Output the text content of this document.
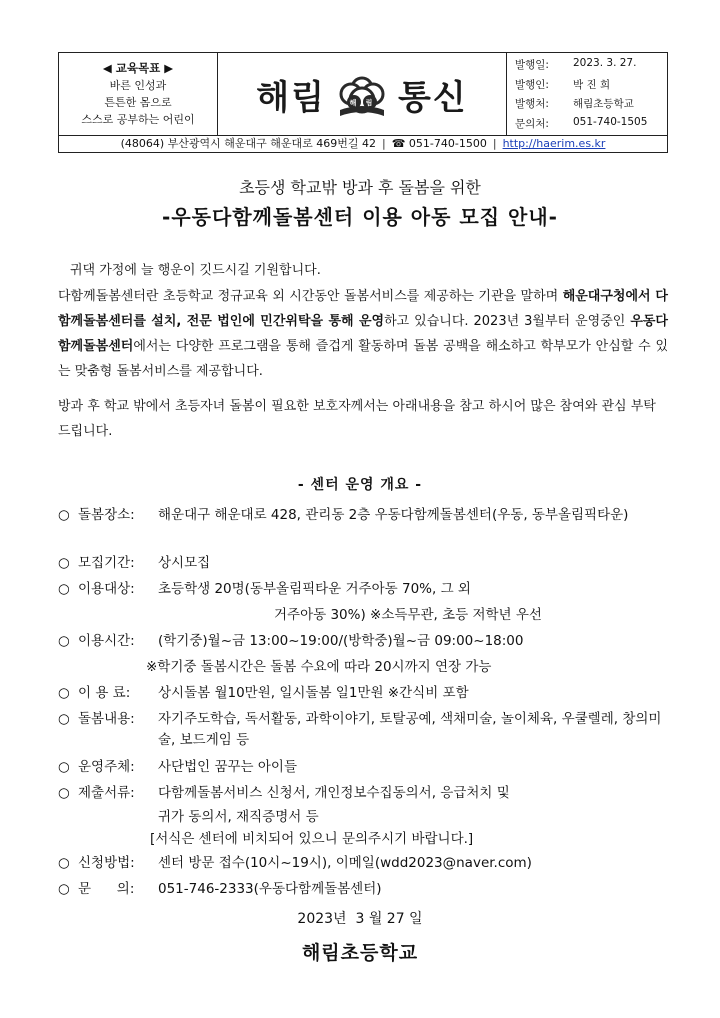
◀ 교육목표 ▶
바른 인성과
튼튼한 몸으로
스스로 공부하는 어린이
해림	해 림 통신
발행일:	2023. 3. 27.
발행인:	박 진 희
발행처:	해림초등학교
문의처:	051-740-1505
(48064) 부산광역시 해운대구 해운대로 469번길 42 | ☎ 051-740-1500 | http://haerim.es.kr
초등생 학교밖 방과 후 돌봄을 위한
-우동다함께돌봄센터 이용 아동 모집 안내-
귀댁 가정에 늘 행운이 깃드시길 기원합니다.
다함께돌봄센터란 초등학교 정규교육 외 시간동안 돌봄서비스를 제공하는 기관을 말하며 해운대구청에서 다함께돌봄센터를 설치, 전문 법인에 민간위탁을 통해 운영하고 있습니다. 2023년 3월부터 운영중인 우동다함께돌봄센터에서는 다양한 프로그램을 통해 즐겁게 활동하며 돌봄 공백을 해소하고 학부모가 안심할 수 있는 맞춤형 돌봄서비스를 제공합니다.
방과 후 학교 밖에서 초등자녀 돌봄이 필요한 보호자께서는 아래내용을 참고 하시어 많은 참여와 관심 부탁드립니다.
- 센터 운영 개요 -
○ 돌봄장소:	해운대구 해운대로 428, 관리동 2층 우동다함께돌봄센터(우동, 동부올림픽타운)
○ 모집기간:	상시모집
○ 이용대상:	초등학생 20명(동부올림픽타운 거주아동 70%, 그 외
거주아동 30%) ※소득무관, 초등 저학년 우선
○ 이용시간:	(학기중)월~금 13:00~19:00/(방학중)월~금 09:00~18:00
※학기중 돌봄시간은 돌봄 수요에 따라 20시까지 연장 가능
○ 이 용 료:	상시돌봄 월10만원, 일시돌봄 일1만원 ※간식비 포함
○ 돌봄내용:	자기주도학습, 독서활동, 과학이야기, 토탈공예, 색채미술, 놀이체육, 우쿨렐레, 창의미술, 보드게임 등
○ 운영주체:	사단법인 꿈꾸는 아이들
○ 제출서류:	다함께돌봄서비스 신청서, 개인정보수집동의서, 응급처치 및
귀가 동의서, 재직증명서 등
[서식은 센터에 비치되어 있으니 문의주시기 바랍니다.]
○ 신청방법:	센터 방문 접수(10시~19시), 이메일(wdd2023@naver.com)
○ 문      의:	051-746-2333(우동다함께돌봄센터)
2023년  3 월 27 일
해림초등학교
